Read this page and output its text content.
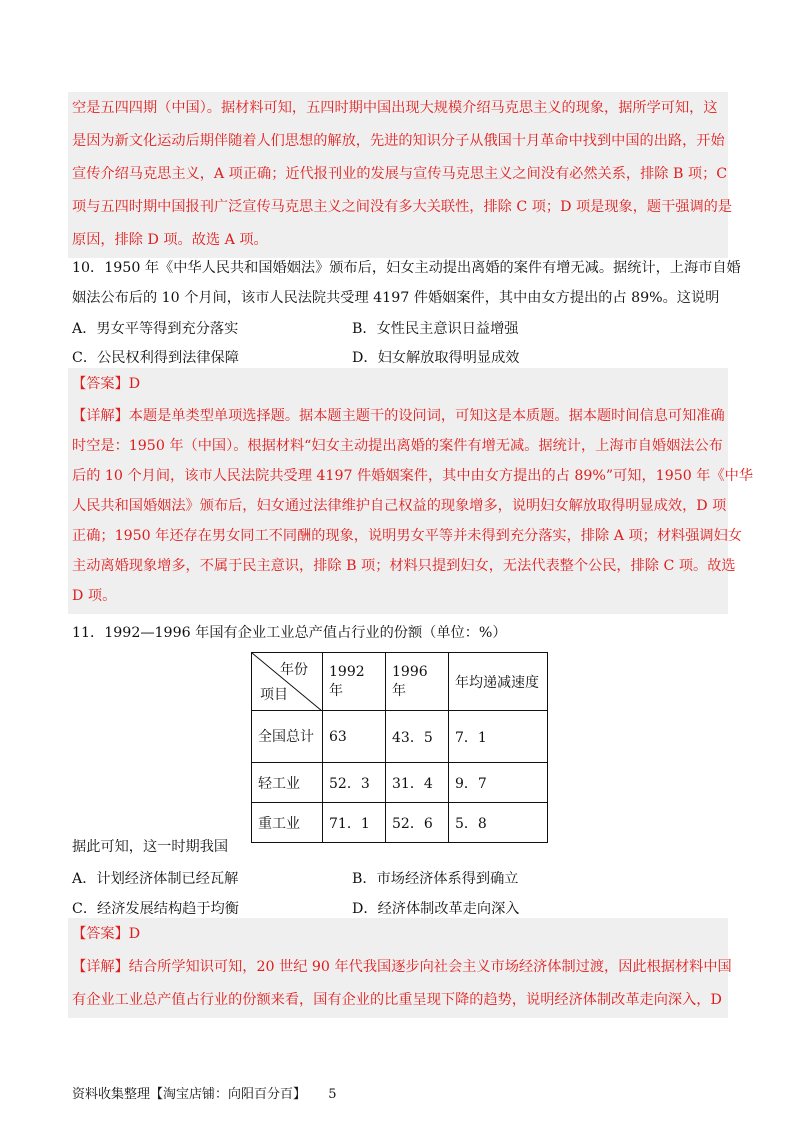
空是五四四期（中国）。据材料可知，五四时期中国出现大规模介绍马克思主义的现象，据所学可知，这

是因为新文化运动后期伴随着人们思想的解放，先进的知识分子从俄国十月革命中找到中国的出路，开始

宣传介绍马克思主义，A 项正确；近代报刊业的发展与宣传马克思主义之间没有必然关系，排除 B 项；C

项与五四时期中国报刊广泛宣传马克思主义之间没有多大关联性，排除 C 项；D 项是现象，题干强调的是

原因，排除 D 项。故选 A 项。

10．1950 年《中华人民共和国婚姻法》颁布后，妇女主动提出离婚的案件有增无减。据统计，上海市自婚
姻法公布后的 10 个月间，该市人民法院共受理 4197 件婚姻案件，其中由女方提出的占 89%。这说明
A．男女平等得到充分落实	B．女性民主意识日益增强
C．公民权利得到法律保障	D．妇女解放取得明显成效

【答案】D

【详解】本题是单类型单项选择题。据本题主题干的设问词，可知这是本质题。据本题时间信息可知准确

时空是：1950 年（中国）。根据材料“妇女主动提出离婚的案件有增无减。据统计，上海市自婚姻法公布

后的 10 个月间，该市人民法院共受理 4197 件婚姻案件，其中由女方提出的占 89%”可知，1950 年《中华

人民共和国婚姻法》颁布后，妇女通过法律维护自己权益的现象增多，说明妇女解放取得明显成效，D 项

正确；1950 年还存在男女同工不同酬的现象，说明男女平等并未得到充分落实，排除 A 项；材料强调妇女

主动离婚现象增多，不属于民主意识，排除 B 项；材料只提到妇女，无法代表整个公民，排除 C 项。故选

D 项。

11．1992—1996 年国有企业工业总产值占行业的份额（单位：%）
年份
项目	1992 年	1996 年	年均递减速度
全国总计	63	43．5	7．1
轻工业	52．3	31．4	9．7
重工业	71．1	52．6	5．8
据此可知，这一时期我国
A．计划经济体制已经瓦解	B．市场经济体系得到确立
C．经济发展结构趋于均衡	D．经济体制改革走向深入

【答案】D

【详解】结合所学知识可知，20 世纪 90 年代我国逐步向社会主义市场经济体制过渡，因此根据材料中国

有企业工业总产值占行业的份额来看，国有企业的比重呈现下降的趋势，说明经济体制改革走向深入，D

资料收集整理【淘宝店铺：向阳百分百】 5
